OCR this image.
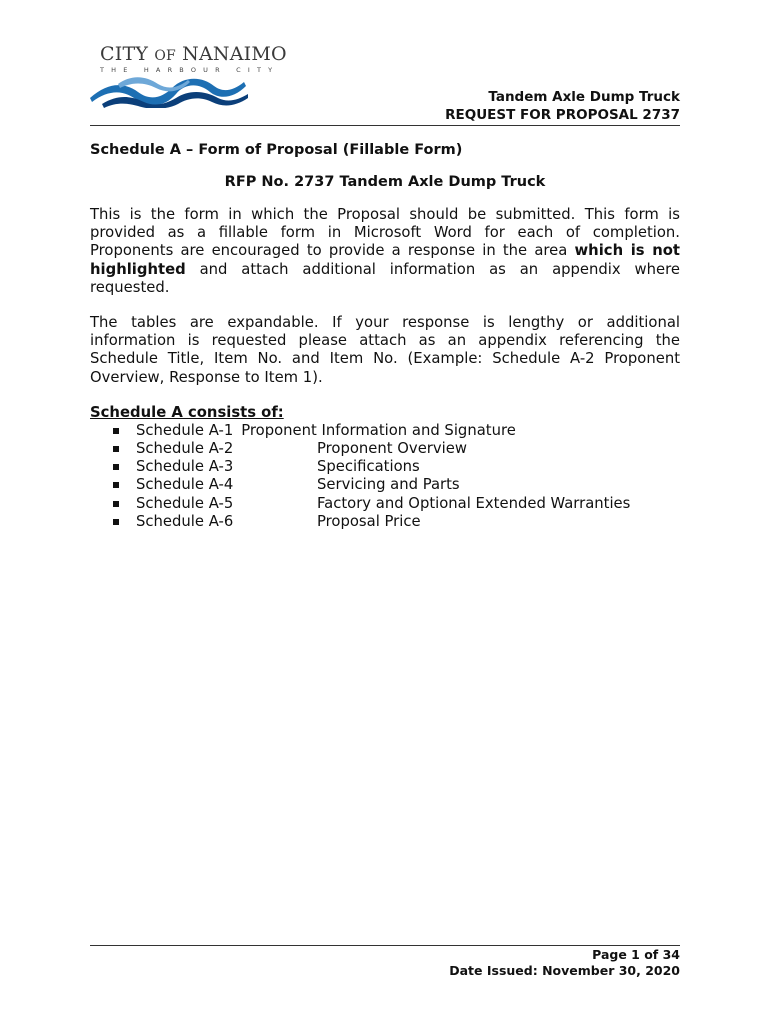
CITY OF NANAIMO
THE HARBOUR CITY
Tandem Axle Dump Truck
REQUEST FOR PROPOSAL 2737

Schedule A – Form of Proposal (Fillable Form)

RFP No. 2737 Tandem Axle Dump Truck

This is the form in which the Proposal should be submitted. This form is provided as a fillable form in Microsoft Word for each of completion. Proponents are encouraged to provide a response in the area which is not highlighted and attach additional information as an appendix where requested.

The tables are expandable. If your response is lengthy or additional information is requested please attach as an appendix referencing the Schedule Title, Item No. and Item No. (Example: Schedule A-2 Proponent Overview, Response to Item 1).

Schedule A consists of:

Schedule A-1 Proponent Information and Signature
Schedule A-2	Proponent Overview
Schedule A-3	Specifications
Schedule A-4	Servicing and Parts
Schedule A-5	Factory and Optional Extended Warranties
Schedule A-6	Proposal Price
Page 1 of 34
Date Issued: November 30, 2020
